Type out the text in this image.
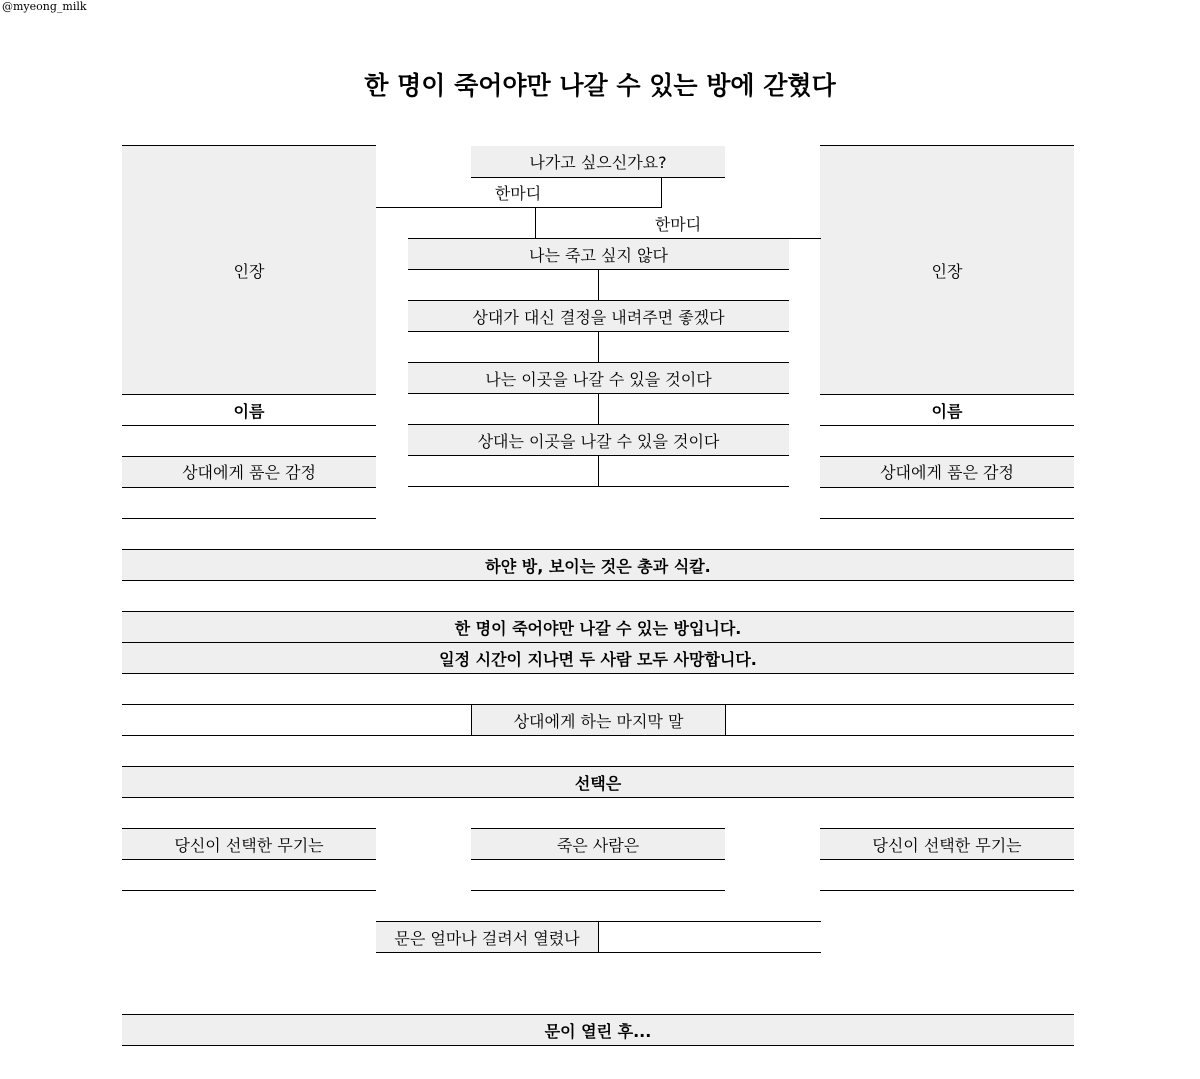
@myeong_milk
한 명이 죽어야만 나갈 수 있는 방에 갇혔다
인장
이름
상대에게 품은 감정
인장
이름
상대에게 품은 감정
나가고 싶으신가요?
한마디
한마디
나는 죽고 싶지 않다
상대가 대신 결정을 내려주면 좋겠다
나는 이곳을 나갈 수 있을 것이다
상대는 이곳을 나갈 수 있을 것이다
하얀 방, 보이는 것은 총과 식칼.
한 명이 죽어야만 나갈 수 있는 방입니다.
일정 시간이 지나면 두 사람 모두 사망합니다.
상대에게 하는 마지막 말
선택은
당신이 선택한 무기는	죽은 사람은	당신이 선택한 무기는
문은 얼마나 걸려서 열렸나
문이 열린 후...
